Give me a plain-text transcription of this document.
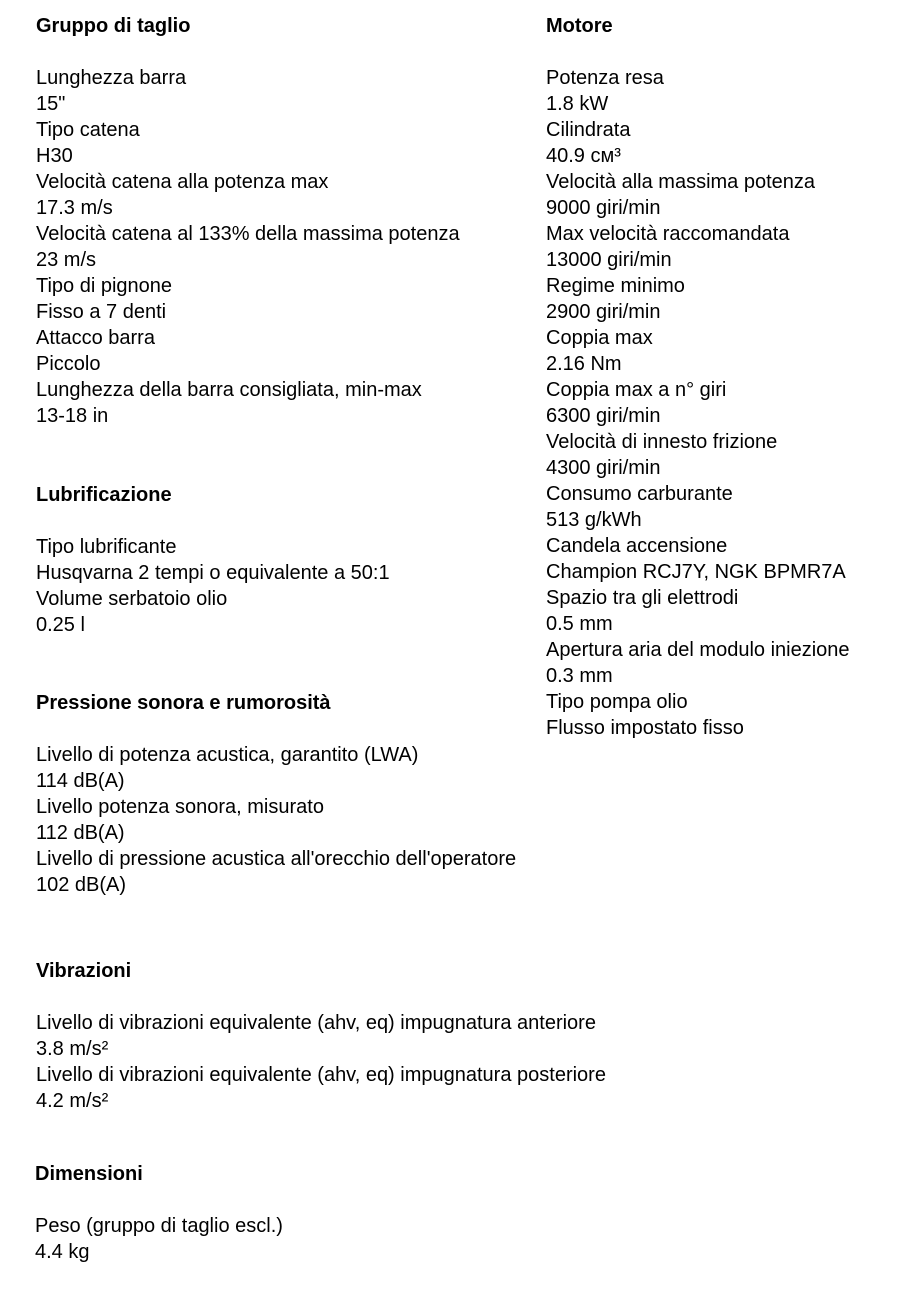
Gruppo di taglio
Lunghezza barra
15"
Tipo catena
H30
Velocità catena alla potenza max
17.3 m/s
Velocità catena al 133% della massima potenza
23 m/s
Tipo di pignone
Fisso a 7 denti
Attacco barra
Piccolo
Lunghezza della barra consigliata, min-max
13-18 in
Motore
Potenza resa
1.8 kW
Cilindrata
40.9 см³
Velocità alla massima potenza
9000 giri/min
Max velocità raccomandata
13000 giri/min
Regime minimo
2900 giri/min
Coppia max
2.16 Nm
Coppia max a n° giri
6300 giri/min
Velocità di innesto frizione
4300 giri/min
Consumo carburante
513 g/kWh
Candela accensione
Champion RCJ7Y, NGK BPMR7A
Spazio tra gli elettrodi
0.5 mm
Apertura aria del modulo iniezione
0.3 mm
Tipo pompa olio
Flusso impostato fisso
Lubrificazione
Tipo lubrificante
Husqvarna 2 tempi o equivalente a 50:1
Volume serbatoio olio
0.25 l
Pressione sonora e rumorosità
Livello di potenza acustica, garantito (LWA)
114 dB(A)
Livello potenza sonora, misurato
112 dB(A)
Livello di pressione acustica all'orecchio dell'operatore
102 dB(A)
Vibrazioni
Livello di vibrazioni equivalente (ahv, eq) impugnatura anteriore
3.8 m/s²
Livello di vibrazioni equivalente (ahv, eq) impugnatura posteriore
4.2 m/s²
Dimensioni
Peso (gruppo di taglio escl.)
4.4 kg
